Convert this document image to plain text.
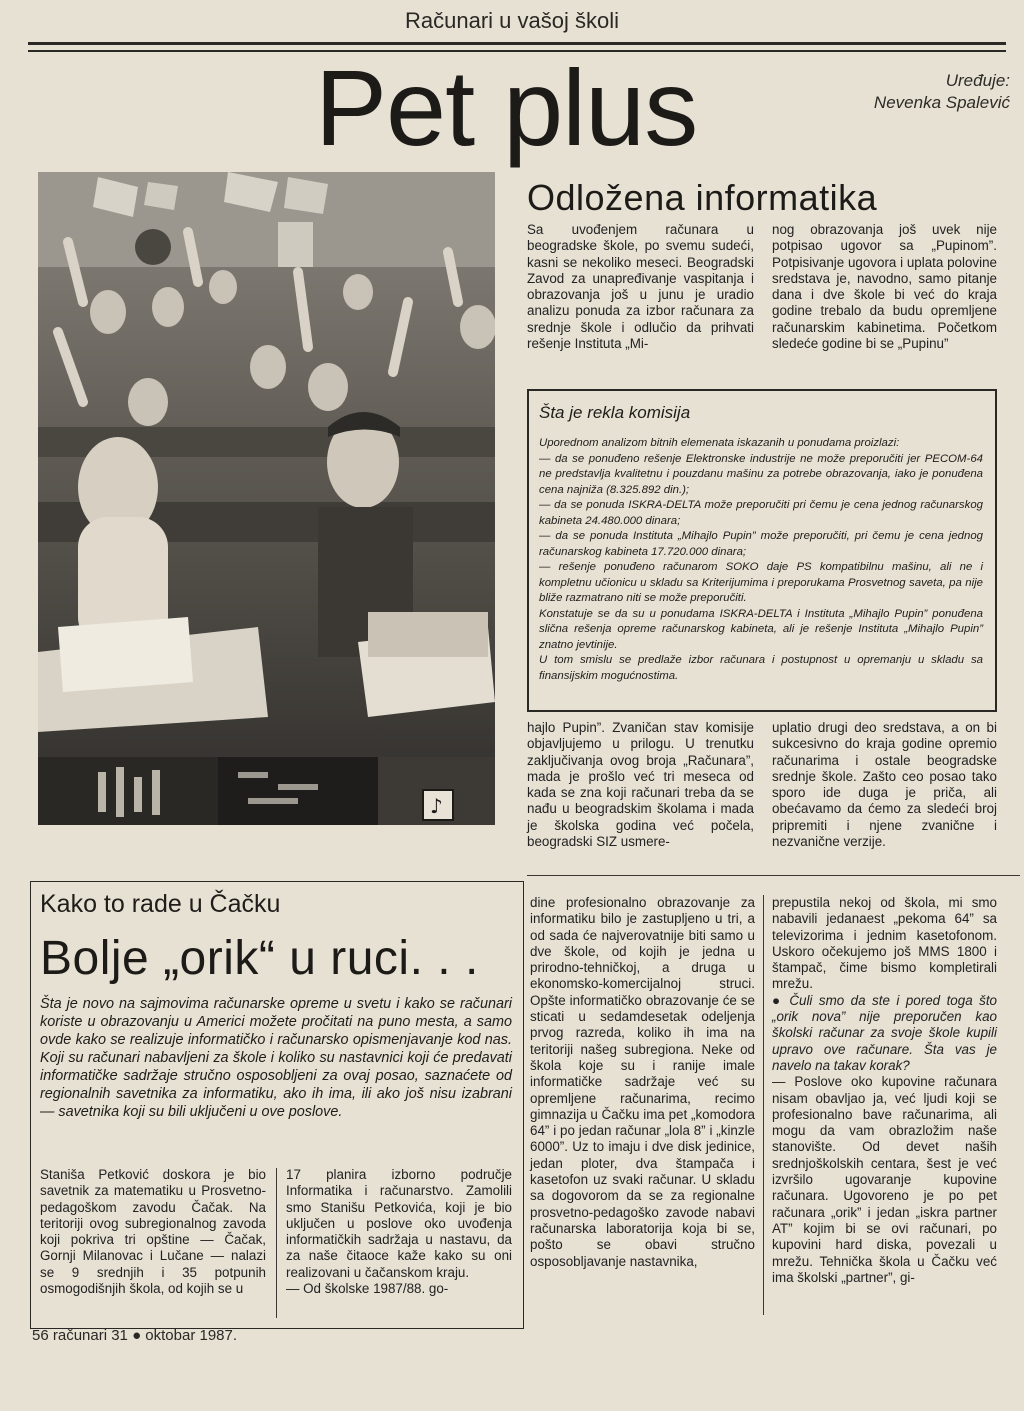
Računari u vašoj školi
Pet plus	Uređuje:
Nevenka Spalević
♪
Odložena informatika
Sa uvođenjem računara u beogradske škole, po svemu sudeći, kasni se nekoliko meseci. Beogradski Zavod za unapređivanje vaspitanja i obrazovanja još u junu je uradio analizu ponuda za izbor računara za srednje škole i odlučio da prihvati rešenje Instituta „Mi-
nog obrazovanja još uvek nije potpisao ugovor sa „Pupinom”. Potpisivanje ugovora i uplata polovine sredstava je, navodno, samo pitanje dana i dve škole bi već do kraja godine trebalo da budu opremljene računarskim kabinetima. Početkom sledeće godine bi se „Pupinu”
Šta je rekla komisija
Uporednom analizom bitnih elemenata iskazanih u ponudama proizlazi:
— da se ponuđeno rešenje Elektronske industrije ne može preporučiti jer PECOM-64 ne predstavlja kvalitetnu i pouzdanu mašinu za potrebe obrazovanja, iako je ponuđena cena najniža (8.325.892 din.);
— da se ponuda ISKRA-DELTA može preporučiti pri čemu je cena jednog računarskog kabineta 24.480.000 dinara;
— da se ponuda Instituta „Mihajlo Pupin” može preporučiti, pri čemu je cena jednog računarskog kabineta 17.720.000 dinara;
— rešenje ponuđeno računarom SOKO daje PS kompatibilnu mašinu, ali ne i kompletnu učionicu u skladu sa Kriterijumima i preporukama Prosvetnog saveta, pa nije bliže razmatrano niti se može preporučiti.
Konstatuje se da su u ponudama ISKRA-DELTA i Instituta „Mihajlo Pupin” ponuđena slična rešenja opreme računarskog kabineta, ali je rešenje Instituta „Mihajlo Pupin” znatno jevtinije.
U tom smislu se predlaže izbor računara i postupnost u opremanju u skladu sa finansijskim mogućnostima.
hajlo Pupin”. Zvaničan stav komisije objavljujemo u prilogu. U trenutku zaključivanja ovog broja „Računara”, mada je prošlo već tri meseca od kada se zna koji računari treba da se nađu u beogradskim školama i mada je školska godina već počela, beogradski SIZ usmere-
uplatio drugi deo sredstava, a on bi sukcesivno do kraja godine opremio računarima i ostale beogradske srednje škole. Zašto ceo posao tako sporo ide duga je priča, ali obećavamo da ćemo za sledeći broj pripremiti i njene zvanične i nezvanične verzije.
Kako to rade u Čačku
Bolje „orik“ u ruci. . .
Šta je novo na sajmovima računarske opreme u svetu i kako se računari koriste u obrazovanju u Americi možete pročitati na puno mesta, a samo ovde kako se realizuje informatičko i računarsko opismenjavanje kod nas. Koji su računari nabavljeni za škole i koliko su nastavnici koji će predavati informatičke sadržaje stručno osposobljeni za ovaj posao, saznaćete od regionalnih savetnika za informatiku, ako ih ima, ili ako još nisu izabrani — savetnika koji su bili uključeni u ove poslove.
Staniša Petković doskora je bio savetnik za matematiku u Prosvetno-pedagoškom zavodu Čačak. Na teritoriji ovog subregionalnog zavoda koji pokriva tri opštine — Čačak, Gornji Milanovac i Lučane — nalazi se 9 srednjih i 35 potpunih osmogodišnjih škola, od kojih se u
17 planira izborno područje Informatika i računarstvo. Zamolili smo Stanišu Petkovića, koji je bio uključen u poslove oko uvođenja informatičkih sadržaja u nastavu, da za naše čitaoce kaže kako su oni realizovani u čačanskom kraju.
— Od školske 1987/88. go-
dine profesionalno obrazovanje za informatiku bilo je zastupljeno u tri, a od sada će najverovatnije biti samo u dve škole, od kojih je jedna u prirodno-tehničkoj, a druga u ekonomsko-komercijalnoj struci. Opšte informatičko obrazovanje će se sticati u sedamdesetak odeljenja prvog razreda, koliko ih ima na teritoriji našeg subregiona. Neke od škola koje su i ranije imale informatičke sadržaje već su opremljene računarima, recimo gimnazija u Čačku ima pet „komodora 64” i po jedan računar „lola 8” i „kinzle 6000”. Uz to imaju i dve disk jedinice, jedan ploter, dva štampača i kasetofon uz svaki računar. U skladu sa dogovorom da se za regionalne prosvetno-pedagoško zavode nabavi računarska laboratorija koja bi se, pošto se obavi stručno osposobljavanje nastavnika,

prepustila nekoj od škola, mi smo nabavili jedanaest „pekoma 64” sa televizorima i jednim kasetofonom. Uskoro očekujemo još MMS 1800 i štampač, čime bismo kompletirali mrežu.

● Čuli smo da ste i pored toga što „orik nova” nije preporučen kao školski računar za svoje škole kupili upravo ove računare. Šta vas je navelo na takav korak?

— Poslove oko kupovine računara nisam obavljao ja, već ljudi koji se profesionalno bave računarima, ali mogu da vam obrazložim naše stanovište. Od devet naših srednjoškolskih centara, šest je već izvršilo ugovaranje kupovine računara. Ugovoreno je po pet računara „orik” i jedan „iskra partner AT” kojim bi se ovi računari, po kupovini hard diska, povezali u mrežu. Tehnička škola u Čačku već ima školski „partner”, gi-

56 računari 31 ● oktobar 1987.
